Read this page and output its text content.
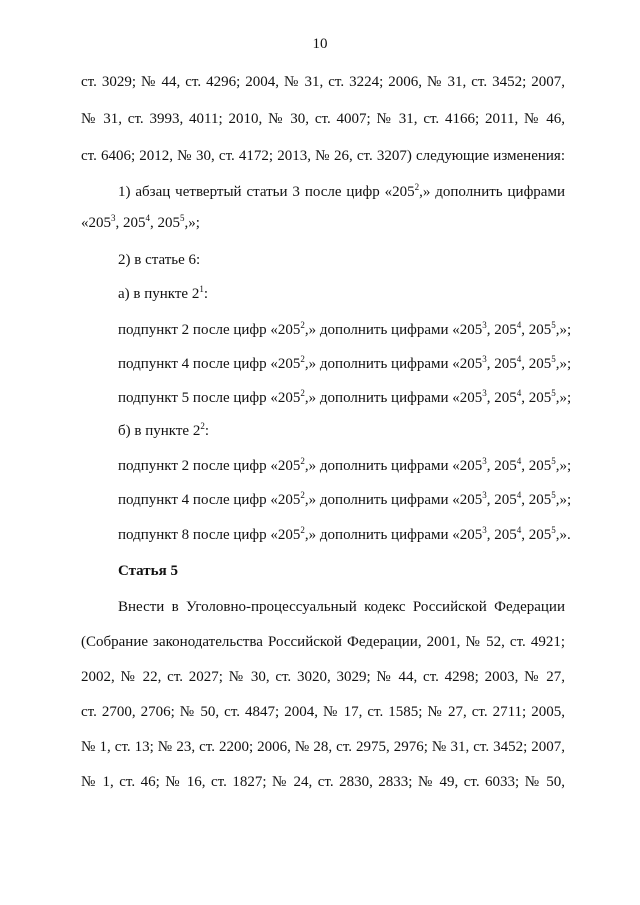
10
ст. 3029; № 44, ст. 4296; 2004, № 31, ст. 3224; 2006, № 31, ст. 3452; 2007,
№ 31, ст. 3993, 4011; 2010, № 30, ст. 4007; № 31, ст. 4166; 2011, № 46,
ст. 6406; 2012, № 30, ст. 4172; 2013, № 26, ст. 3207) следующие изменения:
1) абзац четвертый статьи 3 после цифр «$205^2$,» дополнить цифрами
«$205^3$, $205^4$, $205^5$,»;
2) в статье 6:
а) в пункте $2^1$:
подпункт 2 после цифр «$205^2$,» дополнить цифрами «$205^3$, $205^4$, $205^5$,»;
подпункт 4 после цифр «$205^2$,» дополнить цифрами «$205^3$, $205^4$, $205^5$,»;
подпункт 5 после цифр «$205^2$,» дополнить цифрами «$205^3$, $205^4$, $205^5$,»;
б) в пункте $2^2$:
подпункт 2 после цифр «$205^2$,» дополнить цифрами «$205^3$, $205^4$, $205^5$,»;
подпункт 4 после цифр «$205^2$,» дополнить цифрами «$205^3$, $205^4$, $205^5$,»;
подпункт 8 после цифр «$205^2$,» дополнить цифрами «$205^3$, $205^4$, $205^5$,».
Статья 5
Внести в Уголовно-процессуальный кодекс Российской Федерации
(Собрание законодательства Российской Федерации, 2001, № 52, ст. 4921;
2002, № 22, ст. 2027; № 30, ст. 3020, 3029; № 44, ст. 4298; 2003, № 27,
ст. 2700, 2706; № 50, ст. 4847; 2004, № 17, ст. 1585; № 27, ст. 2711; 2005,
№ 1, ст. 13; № 23, ст. 2200; 2006, № 28, ст. 2975, 2976; № 31, ст. 3452; 2007,
№ 1, ст. 46; № 16, ст. 1827; № 24, ст. 2830, 2833; № 49, ст. 6033; № 50,
